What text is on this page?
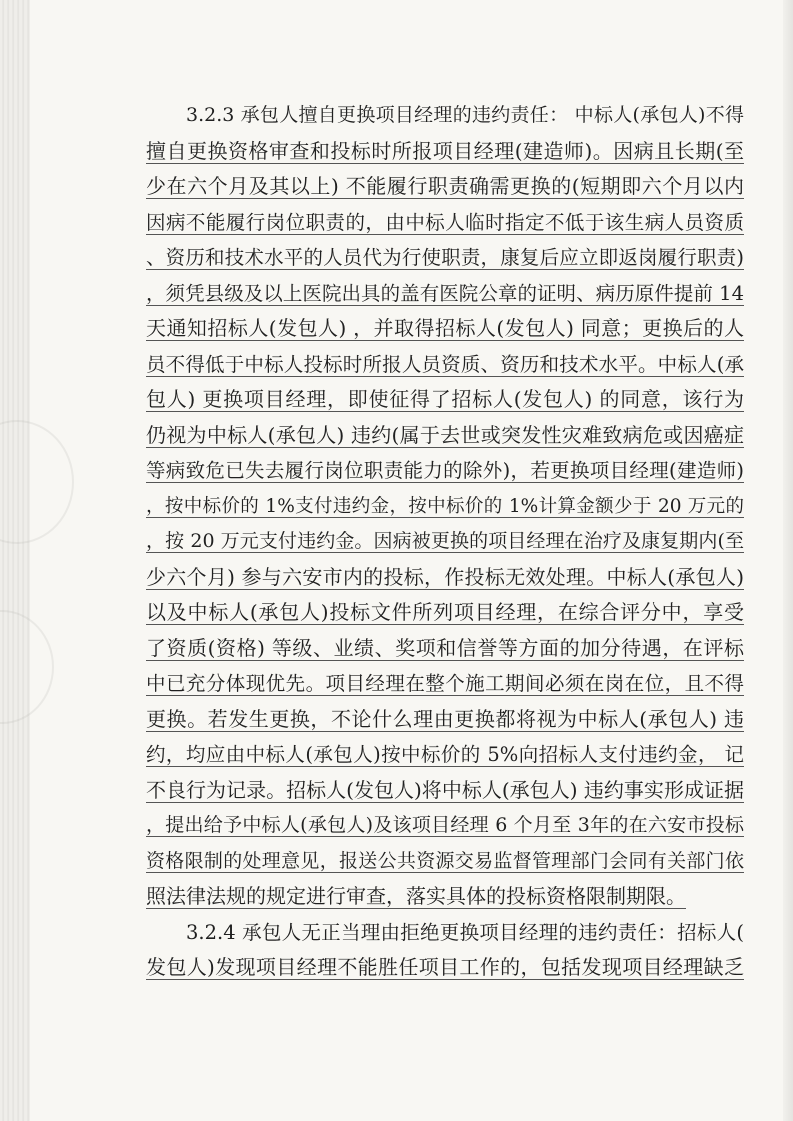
3.2.3 承包人擅自更换项目经理的违约责任： 中标人(承包人)不得
擅自更换资格审查和投标时所报项目经理(建造师)。因病且长期(至
少在六个月及其以上) 不能履行职责确需更换的(短期即六个月以内
因病不能履行岗位职责的，由中标人临时指定不低于该生病人员资质
、资历和技术水平的人员代为行使职责，康复后应立即返岗履行职责)
，须凭县级及以上医院出具的盖有医院公章的证明、病历原件提前 14
天通知招标人(发包人) ，并取得招标人(发包人) 同意；更换后的人
员不得低于中标人投标时所报人员资质、资历和技术水平。中标人(承
包人) 更换项目经理，即使征得了招标人(发包人) 的同意，该行为
仍视为中标人(承包人) 违约(属于去世或突发性灾难致病危或因癌症
等病致危已失去履行岗位职责能力的除外)，若更换项目经理(建造师)
，按中标价的 1%支付违约金，按中标价的 1%计算金额少于 20 万元的
，按 20 万元支付违约金。因病被更换的项目经理在治疗及康复期内(至
少六个月) 参与六安市内的投标，作投标无效处理。中标人(承包人)
以及中标人(承包人)投标文件所列项目经理，在综合评分中，享受
了资质(资格) 等级、业绩、奖项和信誉等方面的加分待遇，在评标
中已充分体现优先。项目经理在整个施工期间必须在岗在位，且不得
更换。若发生更换，不论什么理由更换都将视为中标人(承包人) 违
约，均应由中标人(承包人)按中标价的 5%向招标人支付违约金， 记
不良行为记录。招标人(发包人)将中标人(承包人) 违约事实形成证据
，提出给予中标人(承包人)及该项目经理 6 个月至 3年的在六安市投标
资格限制的处理意见，报送公共资源交易监督管理部门会同有关部门依
照法律法规的规定进行审查，落实具体的投标资格限制期限。
3.2.4 承包人无正当理由拒绝更换项目经理的违约责任：招标人(
发包人)发现项目经理不能胜任项目工作的，包括发现项目经理缺乏
